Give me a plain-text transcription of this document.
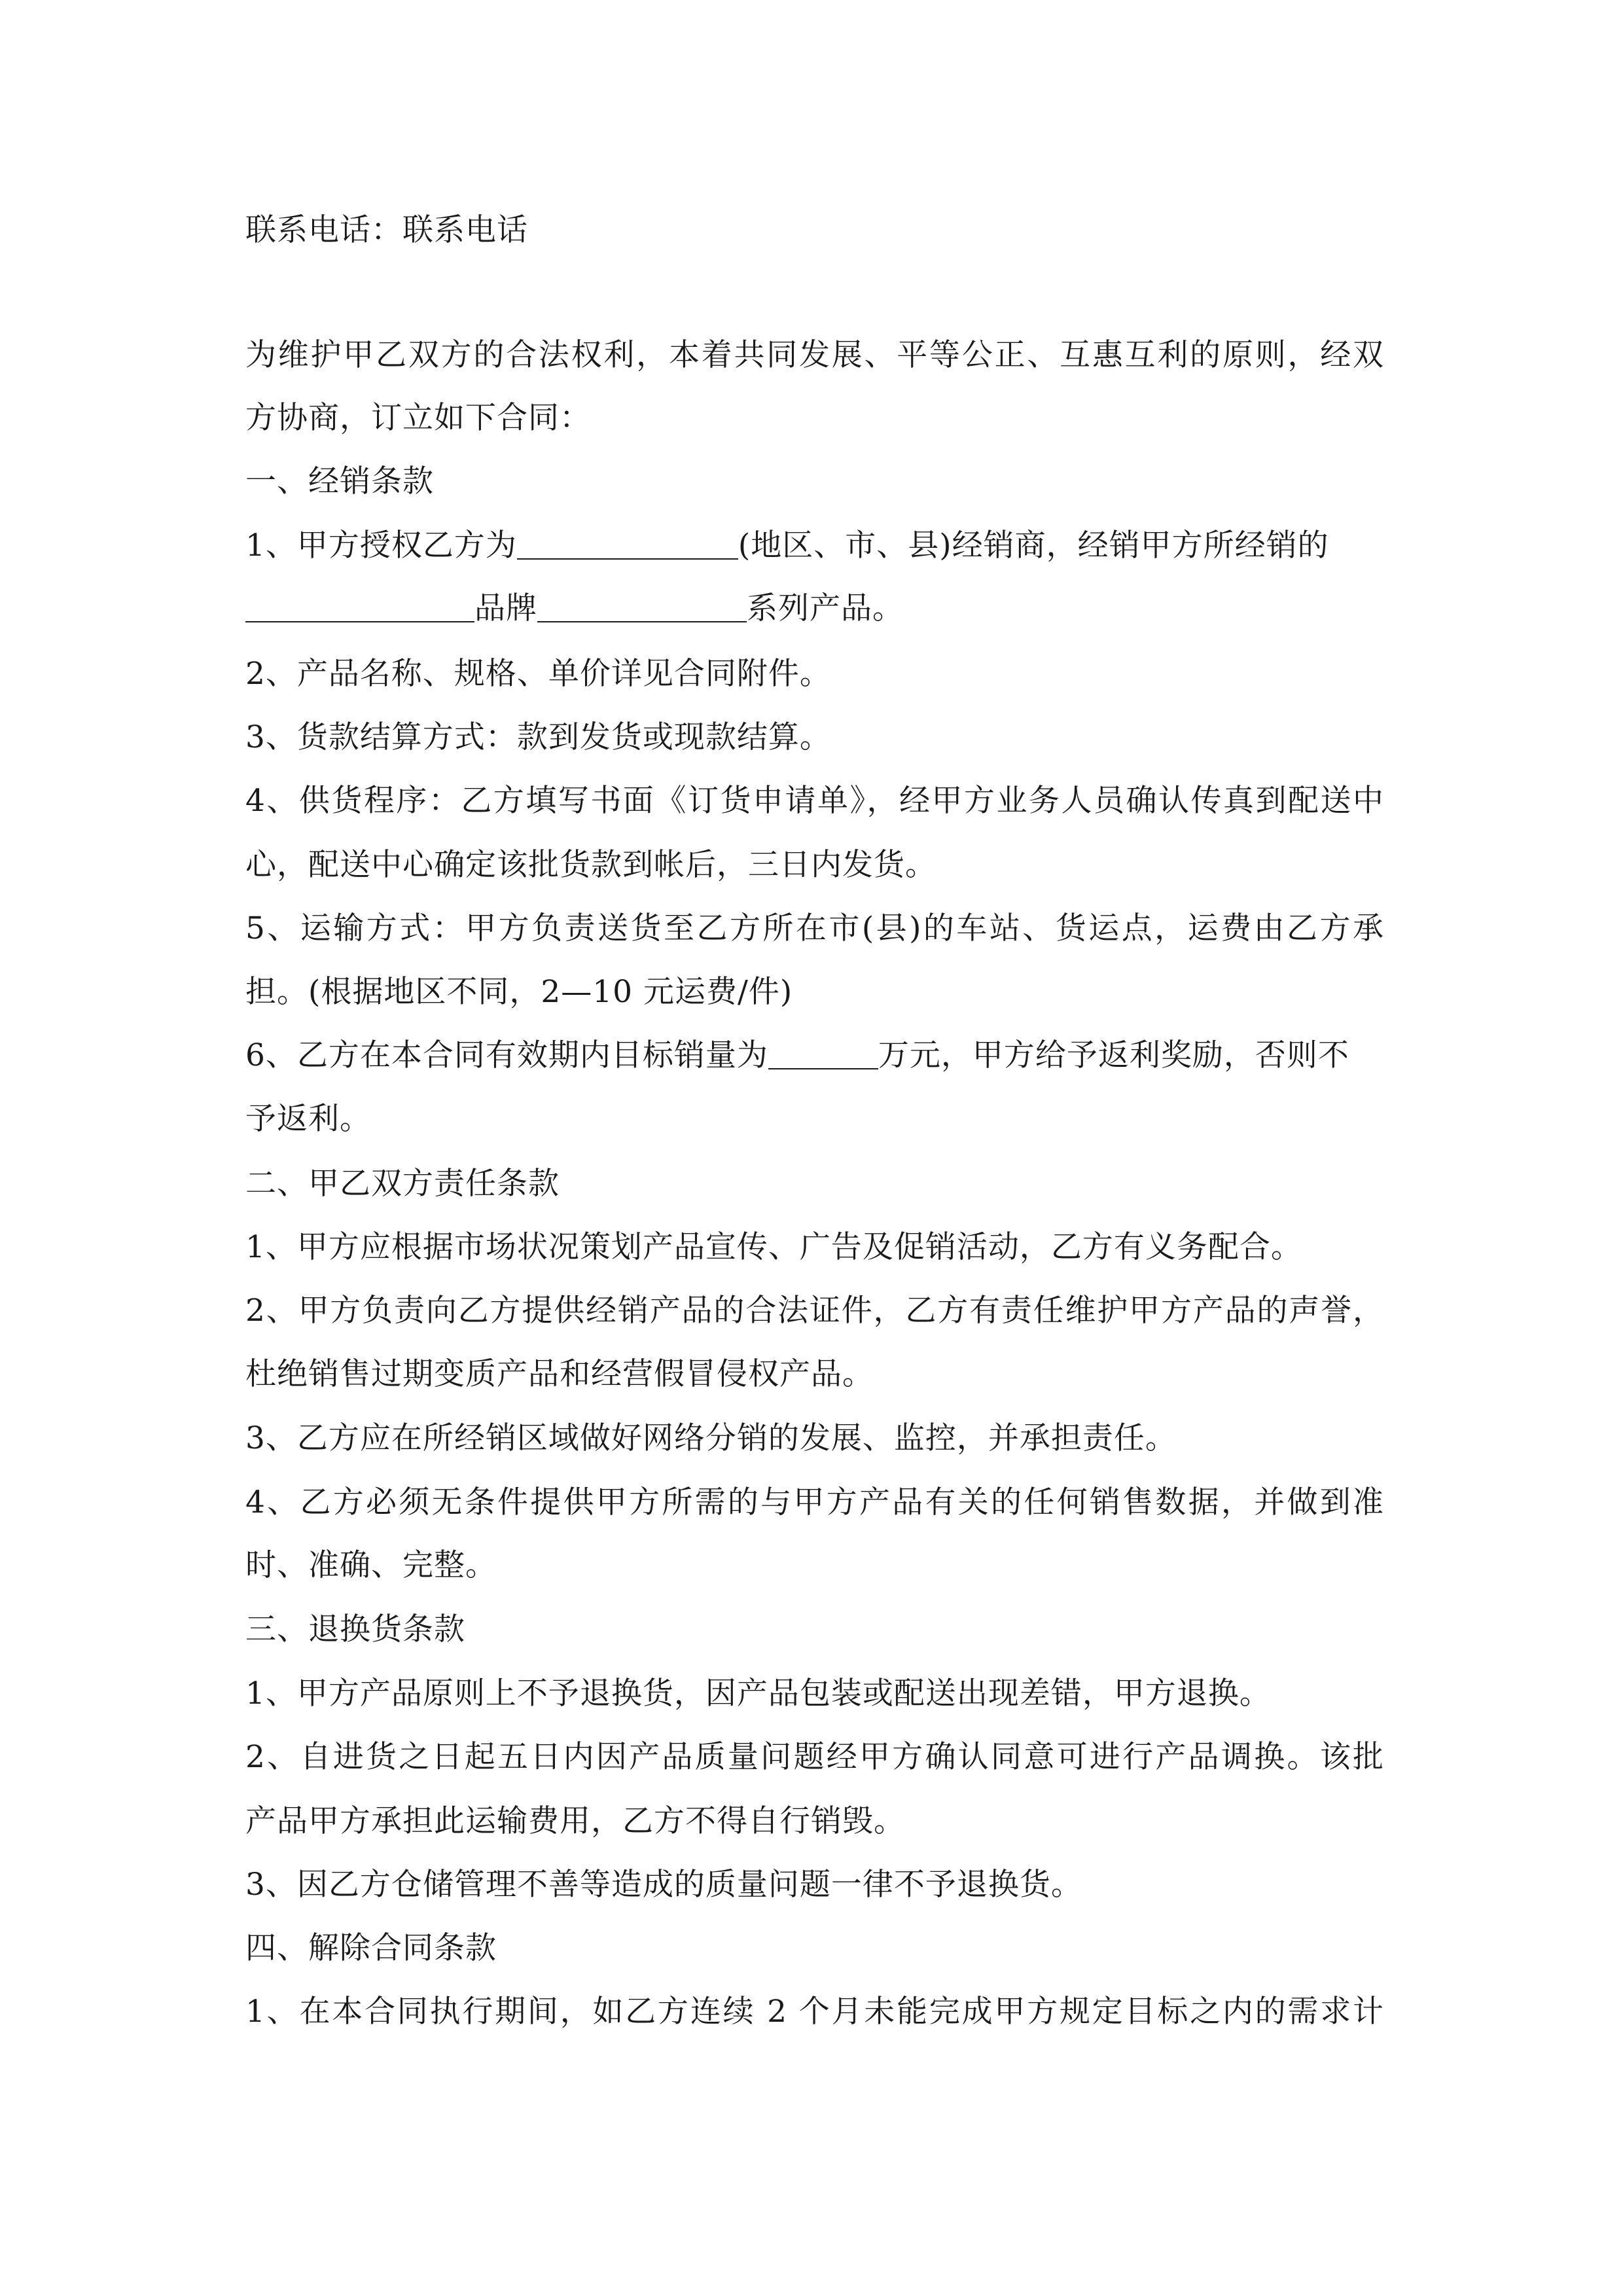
联系电话：联系电话
为维护甲乙双方的合法权利，本着共同发展、平等公正、互惠互利的原则，经双
方协商，订立如下合同：
一、经销条款
1、甲方授权乙方为	(地区、市、县)经销商，经销甲方所经销的
品牌	系列产品。
2、产品名称、规格、单价详见合同附件。
3、货款结算方式：款到发货或现款结算。
4、供货程序：乙方填写书面《订货申请单》，经甲方业务人员确认传真到配送中
心，配送中心确定该批货款到帐后，三日内发货。
5、运输方式：甲方负责送货至乙方所在市(县)的车站、货运点，运费由乙方承
担。(根据地区不同，2—10 元运费/件)
6、乙方在本合同有效期内目标销量为	万元，甲方给予返利奖励，否则不
予返利。
二、甲乙双方责任条款
1、甲方应根据市场状况策划产品宣传、广告及促销活动，乙方有义务配合。
2、甲方负责向乙方提供经销产品的合法证件，乙方有责任维护甲方产品的声誉，
杜绝销售过期变质产品和经营假冒侵权产品。
3、乙方应在所经销区域做好网络分销的发展、监控，并承担责任。
4、乙方必须无条件提供甲方所需的与甲方产品有关的任何销售数据，并做到准
时、准确、完整。
三、退换货条款
1、甲方产品原则上不予退换货，因产品包装或配送出现差错，甲方退换。
2、自进货之日起五日内因产品质量问题经甲方确认同意可进行产品调换。该批
产品甲方承担此运输费用，乙方不得自行销毁。
3、因乙方仓储管理不善等造成的质量问题一律不予退换货。
四、解除合同条款
1、在本合同执行期间，如乙方连续 2 个月未能完成甲方规定目标之内的需求计
